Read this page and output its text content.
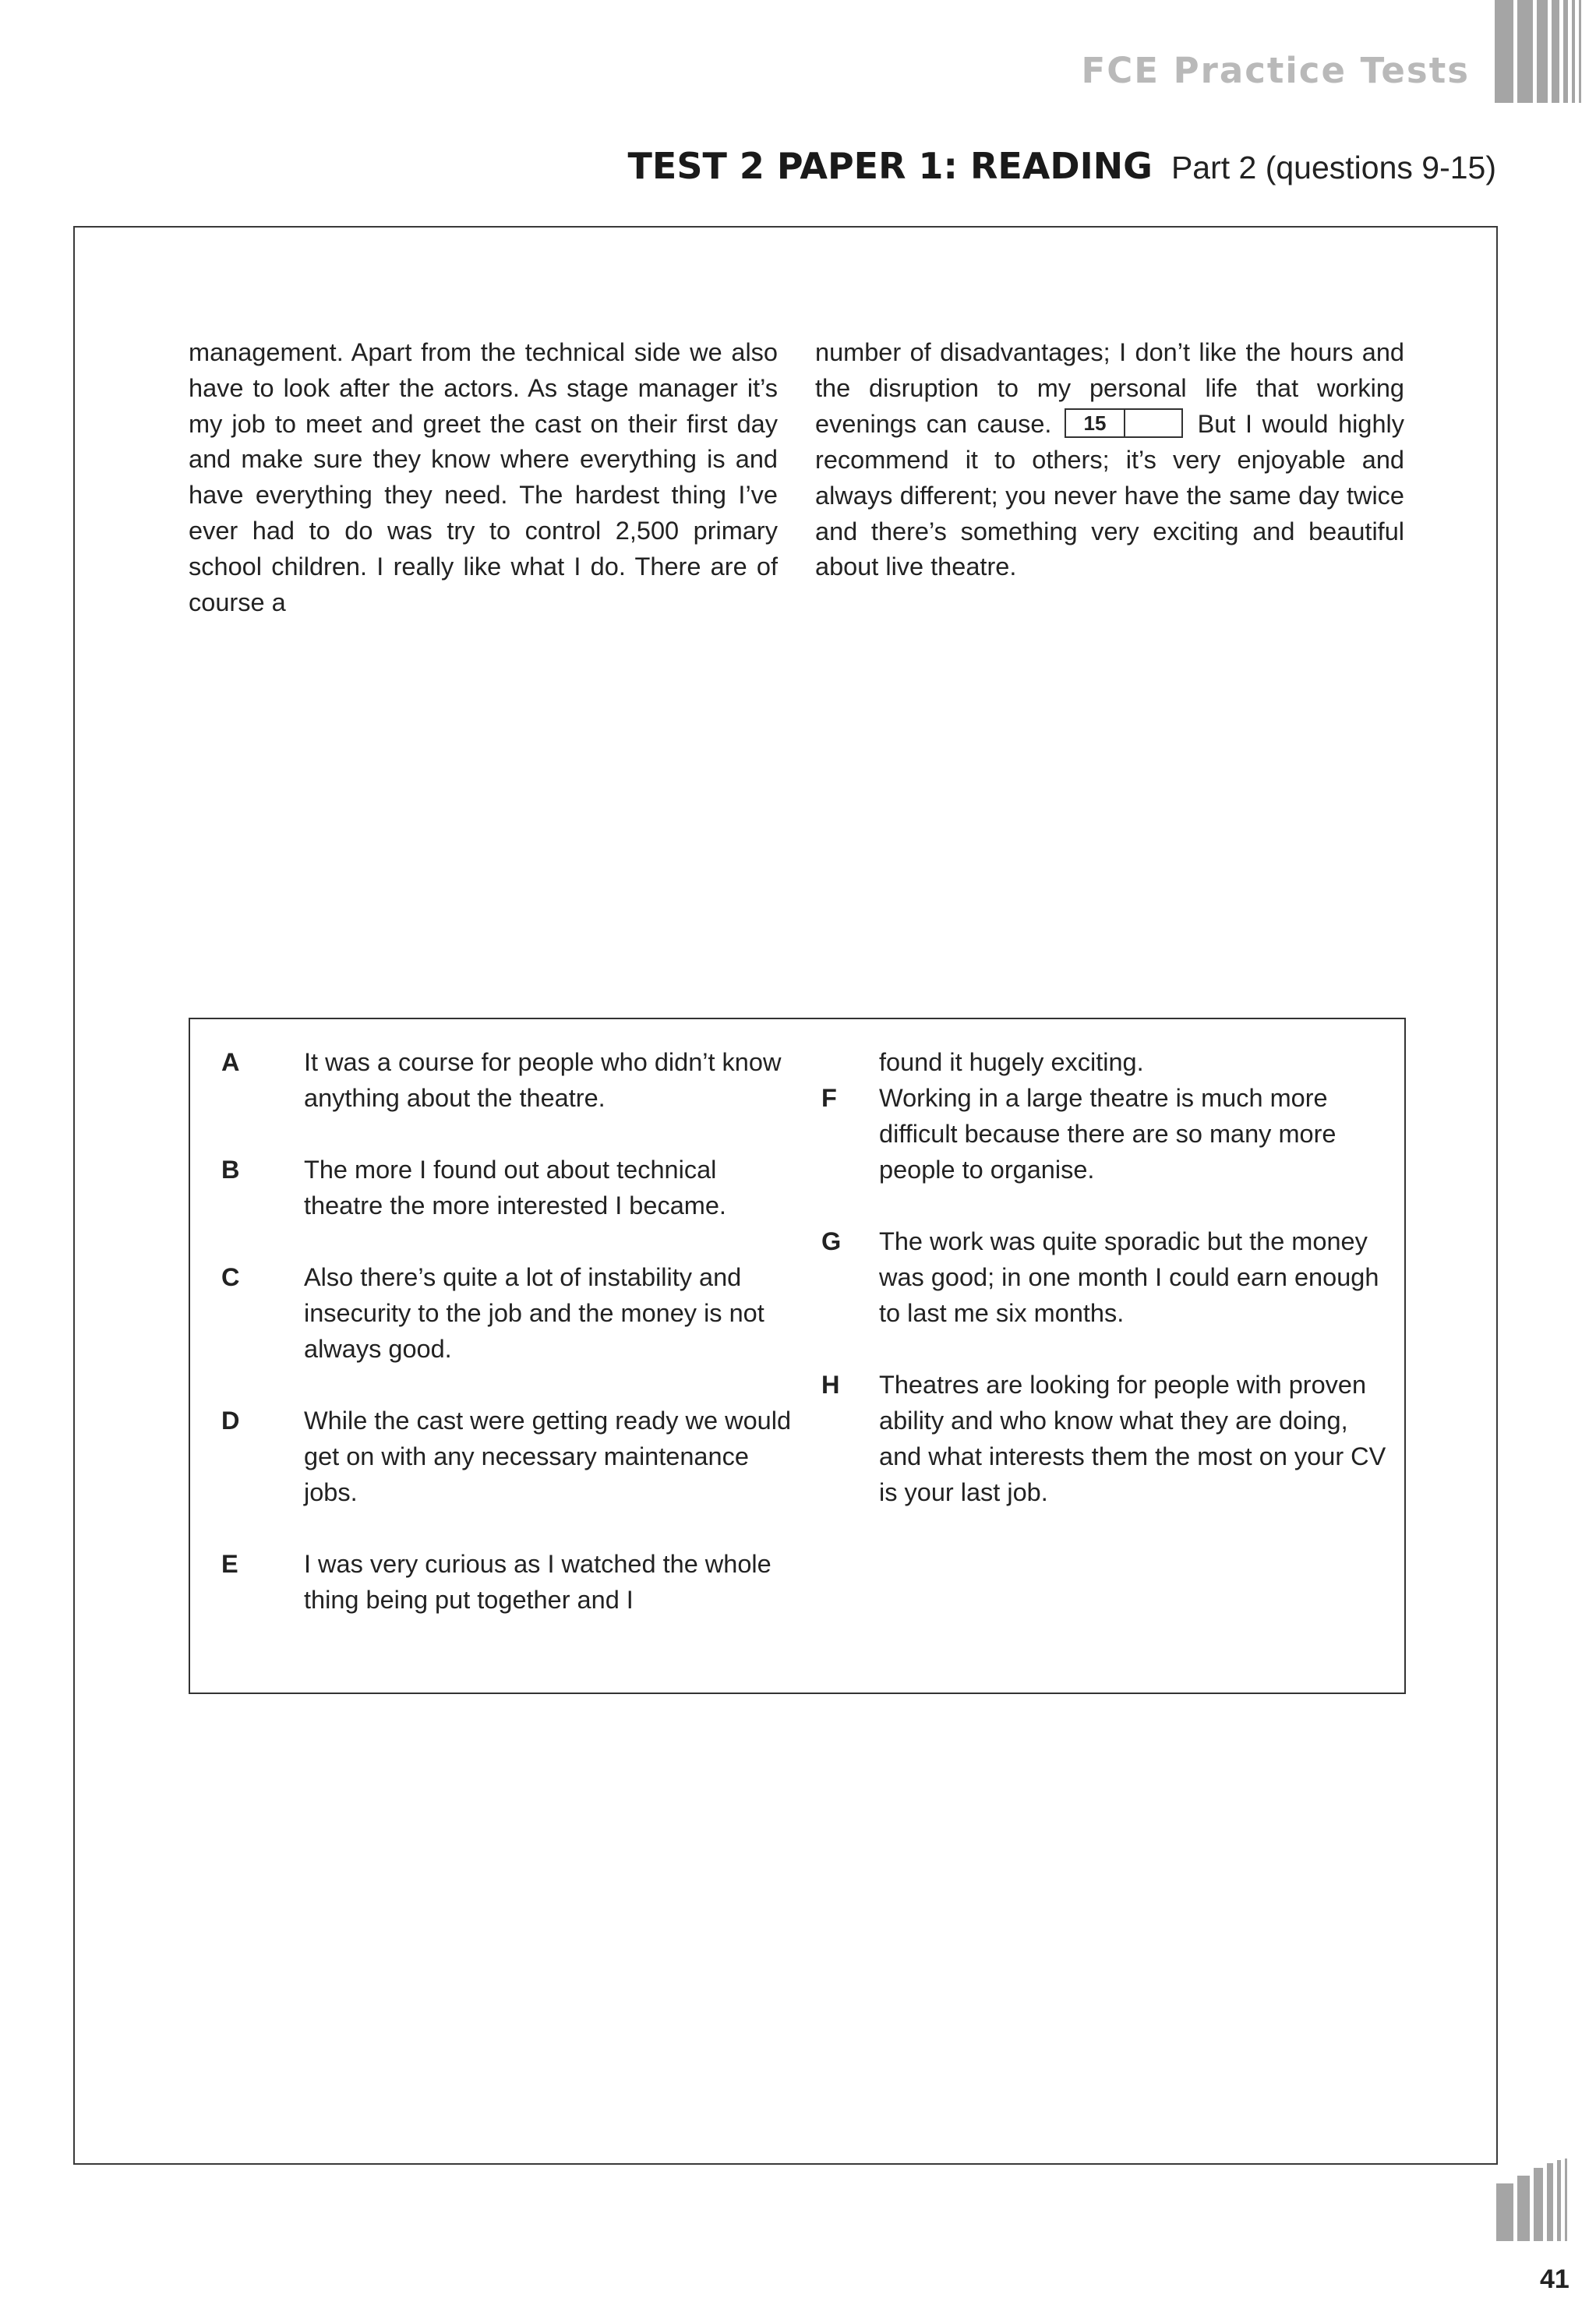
FCE Practice Tests
TEST 2 PAPER 1: READING Part 2 (questions 9-15)
management. Apart from the technical side we also have to look after the actors. As stage manager it’s my job to meet and greet the cast on their first day and make sure they know where everything is and have everything they need. The hardest thing I’ve ever had to do was try to control 2,500 primary school children. I really like what I do. There are of course a
number of disadvantages; I don’t like the hours and the disruption to my personal life that working evenings can cause.	15	But I would highly recommend it to others; it’s very enjoyable and always different; you never have the same day twice and there’s something very exciting and beautiful about live theatre.
A	It was a course for people who didn’t know anything about the theatre.
B	The more I found out about technical theatre the more interested I became.
C	Also there’s quite a lot of instability and insecurity to the job and the money is not always good.
D	While the cast were getting ready we would get on with any necessary maintenance jobs.
E	I was very curious as I watched the whole thing being put together and I
found it hugely exciting.
F	Working in a large theatre is much more difficult because there are so many more people to organise.
G	The work was quite sporadic but the money was good; in one month I could earn enough to last me six months.
H	Theatres are looking for people with proven ability and who know what they are doing, and what interests them the most on your CV is your last job.
41
